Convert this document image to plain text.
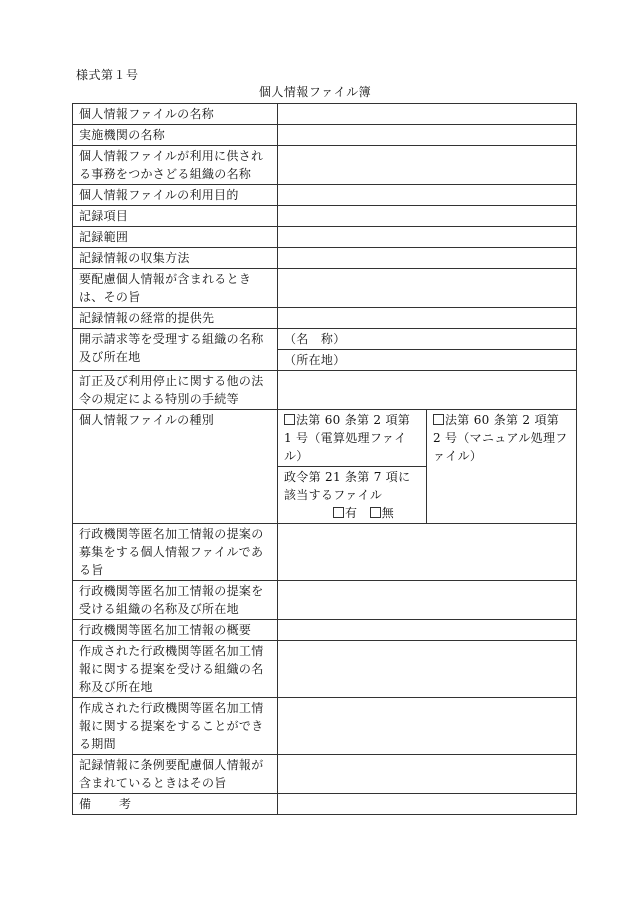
様式第１号
個人情報ファイル簿
個人情報ファイルの名称		
実施機関の名称		
個人情報ファイルが利用に供される事務をつかさどる組織の名称		
個人情報ファイルの利用目的		
記録項目		
記録範囲		
記録情報の収集方法		
要配慮個人情報が含まれるときは、その旨		
記録情報の経常的提供先		
開示請求等を受理する組織の名称及び所在地	（名　称）	
	（所在地）	
訂正及び利用停止に関する他の法令の規定による特別の手続等		
個人情報ファイルの種別	法第 60 条第 2 項第 1 号（電算処理ファイル）	法第 60 条第 2 項第 2 号（マニュアル処理ファイル）

	政令第 21 条第 7 項に該当するファイル
有 無	

行政機関等匿名加工情報の提案の募集をする個人情報ファイルである旨		
行政機関等匿名加工情報の提案を受ける組織の名称及び所在地		
行政機関等匿名加工情報の概要		
作成された行政機関等匿名加工情報に関する提案を受ける組織の名称及び所在地		
作成された行政機関等匿名加工情報に関する提案をすることができる期間		
記録情報に条例要配慮個人情報が含まれているときはその旨		
備考		
